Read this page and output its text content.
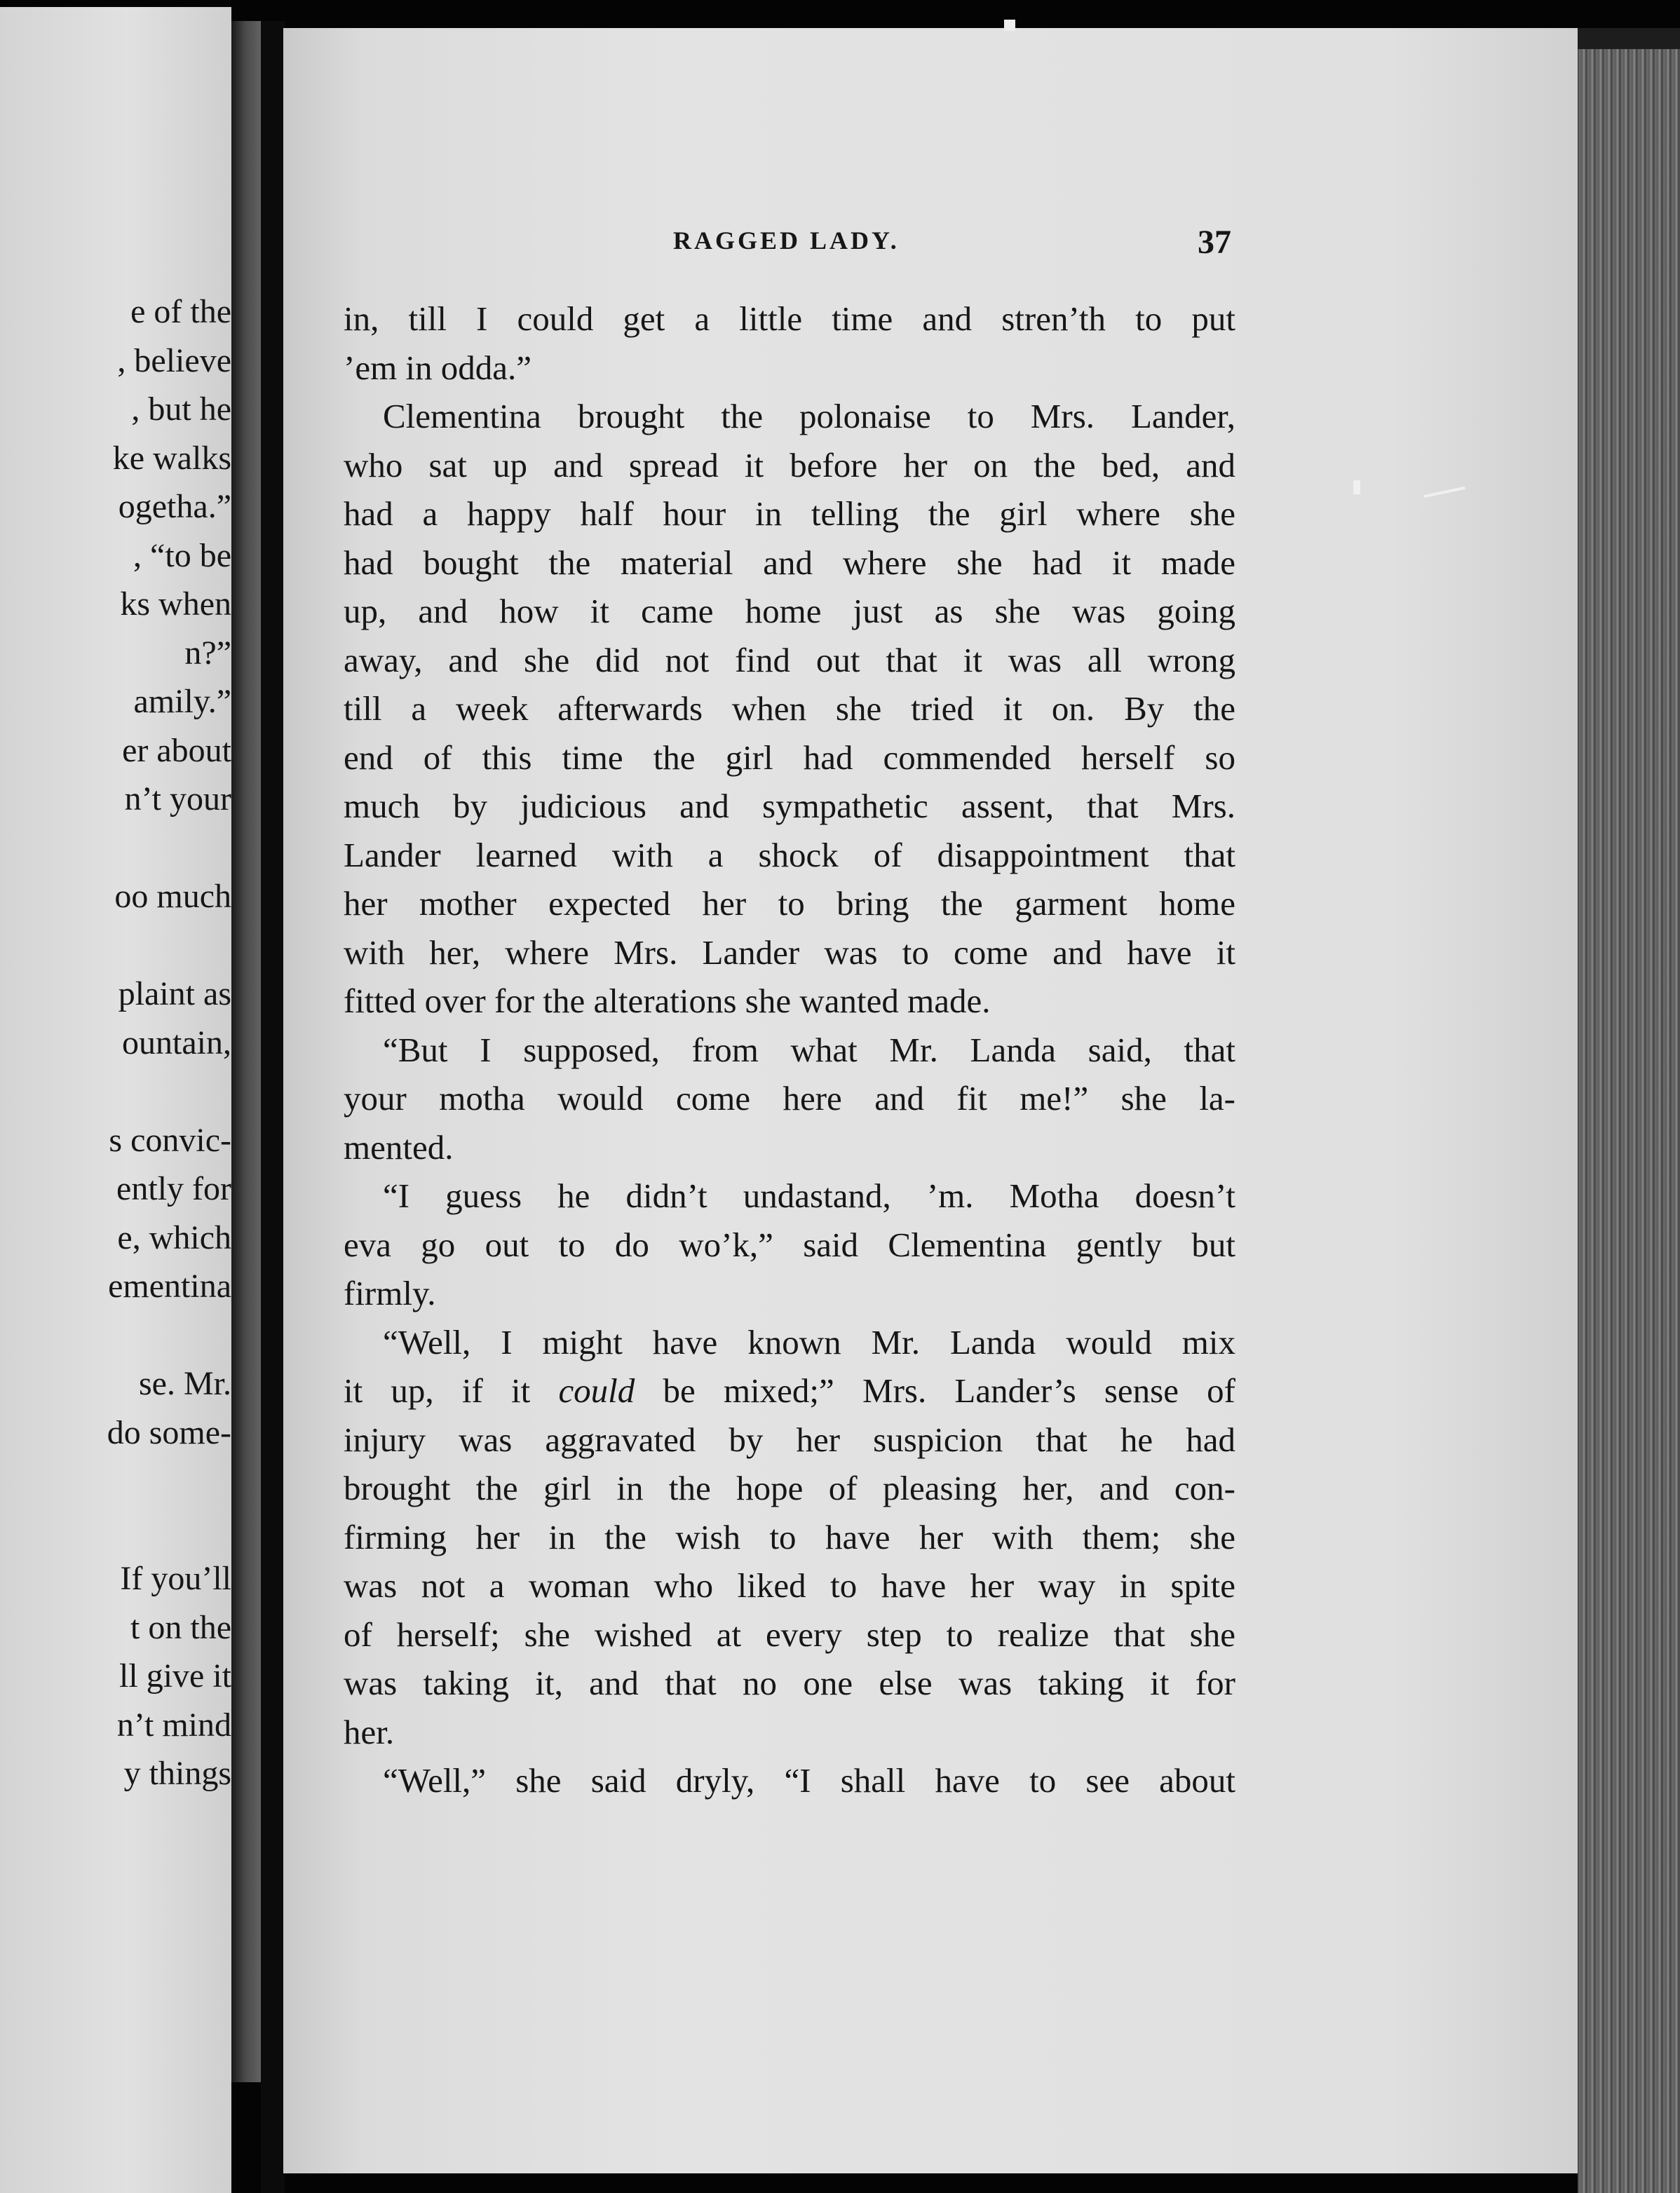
e of the
, believe
, but he
ke walks
ogetha.”
, “to be
ks when
n?”
amily.”
er about
n’t your

oo much

plaint as
ountain,

s convic-
ently for
e, which
ementina

se. Mr.
do some-

If you’ll
t on the
ll give it
n’t mind
y things
RAGGED LADY.	37
in, till I could get a little time and stren’th to put
’em in odda.”
Clementina brought the polonaise to Mrs. Lander,
who sat up and spread it before her on the bed, and
had a happy half hour in telling the girl where she
had bought the material and where she had it made
up, and how it came home just as she was going
away, and she did not find out that it was all wrong
till a week afterwards when she tried it on. By the
end of this time the girl had commended herself so
much by judicious and sympathetic assent, that Mrs.
Lander learned with a shock of disappointment that
her mother expected her to bring the garment home
with her, where Mrs. Lander was to come and have it
fitted over for the alterations she wanted made.
“But I supposed, from what Mr. Landa said, that
your motha would come here and fit me!” she la-
mented.
“I guess he didn’t undastand, ’m. Motha doesn’t
eva go out to do wo’k,” said Clementina gently but
firmly.
“Well, I might have known Mr. Landa would mix
it up, if it could be mixed;” Mrs. Lander’s sense of
injury was aggravated by her suspicion that he had
brought the girl in the hope of pleasing her, and con-
firming her in the wish to have her with them; she
was not a woman who liked to have her way in spite
of herself; she wished at every step to realize that she
was taking it, and that no one else was taking it for
her.
“Well,” she said dryly, “I shall have to see about
